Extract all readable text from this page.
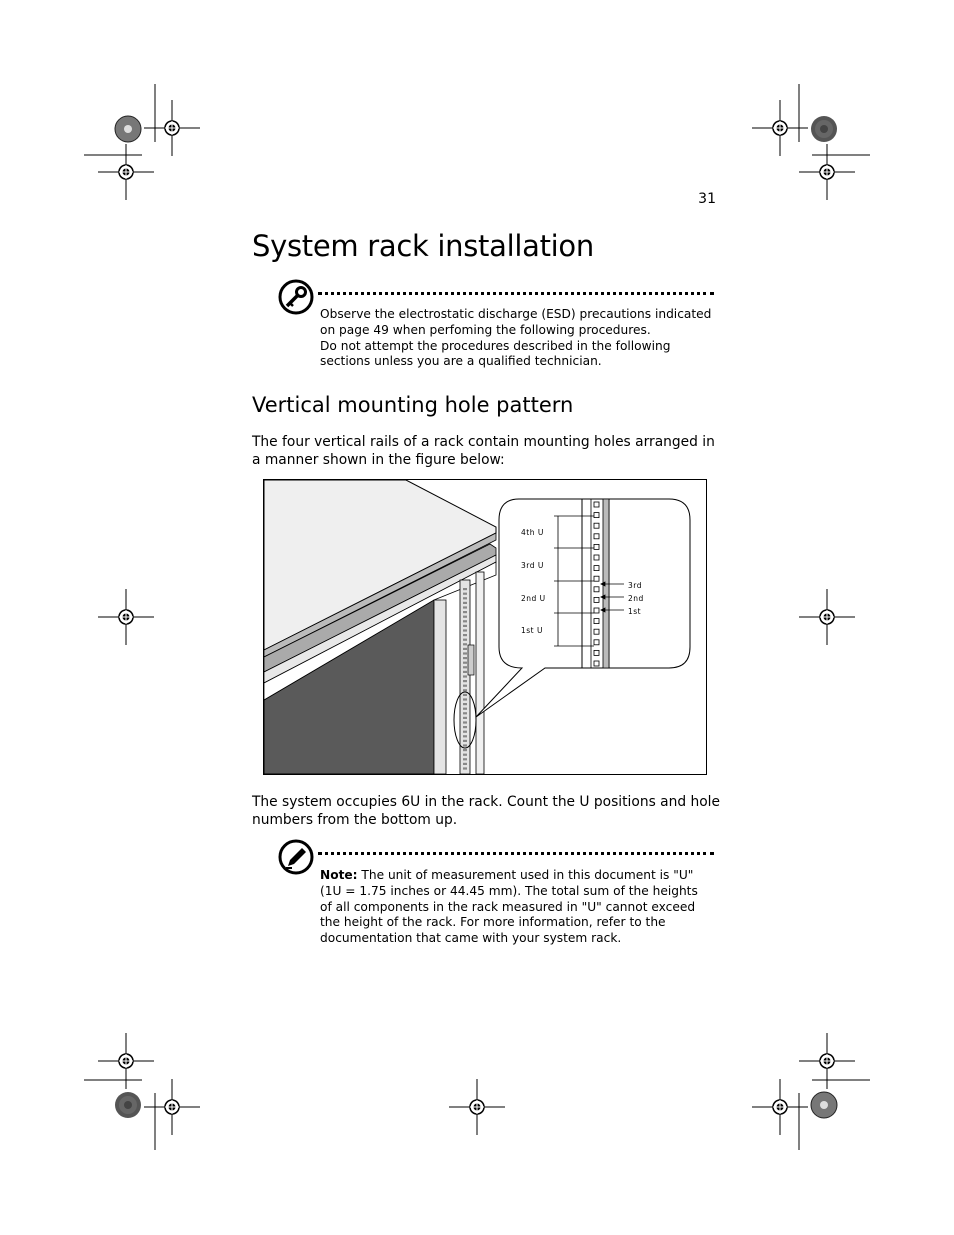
31
System rack installation

Observe the electrostatic discharge (ESD) precautions indicated on page 49 when perfoming the following procedures.

Do not attempt the procedures described in the following sections unless you are a qualified technician.

Vertical mounting hole pattern

The four vertical rails of a rack contain mounting holes arranged in a manner shown in the figure below:

4th U
3rd U
2nd U
1st U
3rd
2nd
1st

The system occupies 6U in the rack. Count the U positions and hole numbers from the bottom up.

Note: The unit of measurement used in this document is "U" (1U = 1.75 inches or 44.45 mm). The total sum of the heights of all components in the rack measured in "U" cannot exceed the height of the rack. For more information, refer to the documentation that came with your system rack.
